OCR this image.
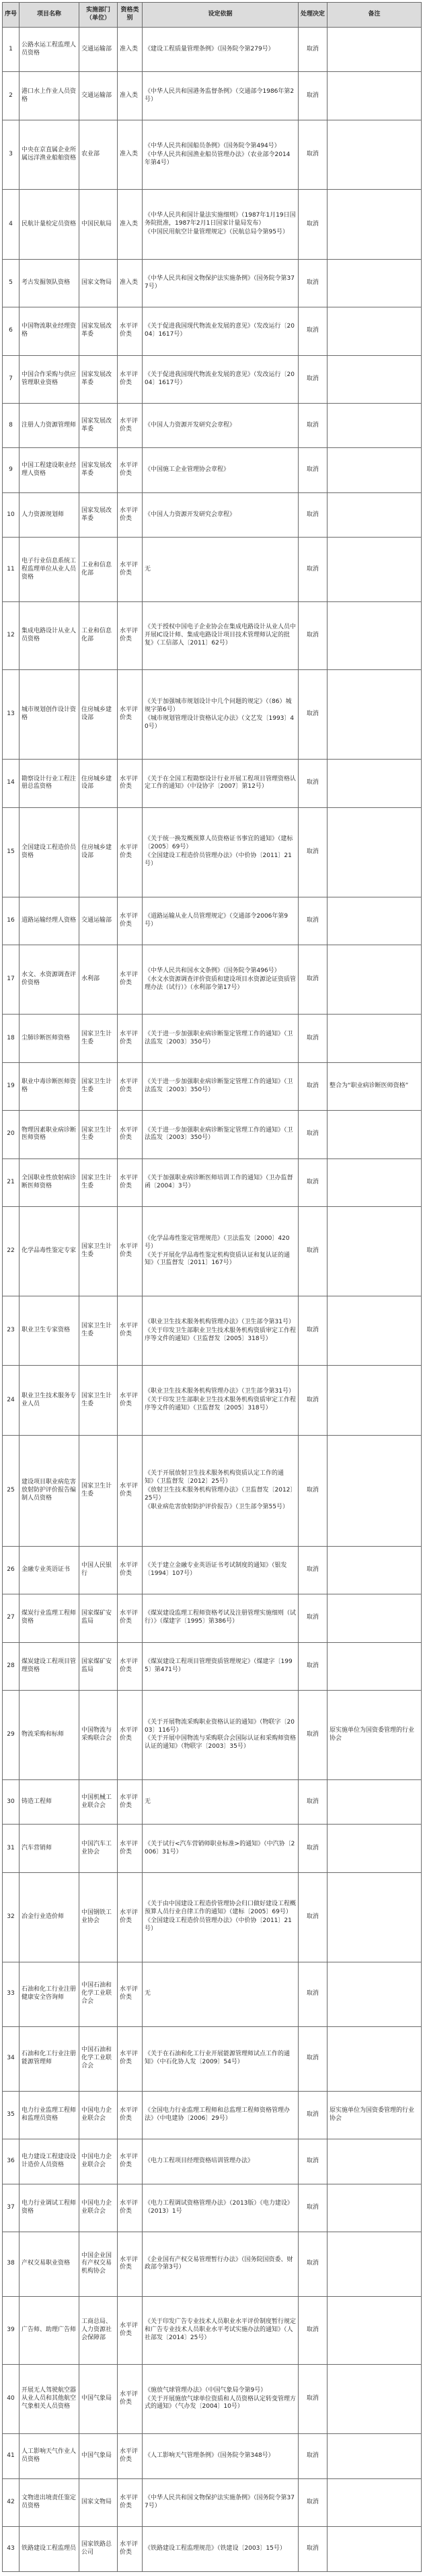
序号	项目名称	实施部门（单位）	资格类别	设定依据	处理决定	备注
1	公路水运工程监理人员资格	交通运输部	准入类	《建设工程质量管理条例》（国务院令第279号）	取消	
2	港口水上作业人员资格	交通运输部	准入类	《中华人民共和国港务监督条例》（交通部令1986年第2号）	取消	
3	中央在京直属企业所属远洋渔业船舶资格	农业部	准入类	《中华人民共和国船员条例》（国务院令第494号）
《中华人民共和国渔业船员管理办法》（农业部令2014年第4号）	取消	
4	民航计量检定员资格	中国民航局	准入类	《中华人民共和国计量法实施细则》（1987年1月19日国务院批准，1987年2月1日国家计量局发布）
《中国民用航空计量管理规定》（民航总局令第95号）	取消	
5	考古发掘领队资格	国家文物局	准入类	《中华人民共和国文物保护法实施条例》（国务院令第377号）	取消	
6	中国物流职业经理资格	国家发展改革委	水平评价类	《关于促进我国现代物流业发展的意见》（发改运行〔2004〕1617号）	取消	
7	中国合作采购与供应管理职业资格	国家发展改革委	水平评价类	《关于促进我国现代物流业发展的意见》（发改运行〔2004〕1617号）	取消	
8	注册人力资源管理师	国家发展改革委	水平评价类	《中国人力资源开发研究会章程》	取消	
9	中国工程建设职业经理人资格	国家发展改革委	水平评价类	《中国施工企业管理协会章程》	取消	
10	人力资源规划师	国家发展改革委	水平评价类	《中国人力资源开发研究会章程》	取消	
11	电子行业信息系统工程监理单位从业人员资格	工业和信息化部	水平评价类	无	取消	
12	集成电路设计从业人员资格	工业和信息化部	水平评价类	《关于授权中国电子企业协会在集成电路设计从业人员中开展IC设计师、集成电路设计项目技术管理师认定的批复》（工信部人〔2011〕62号）	取消	
13	城市规划创作设计资格	住房城乡建设部	水平评价类	《关于加强城市规划设计中几个问题的规定》（（86）城规字第6号）
《城市规划管理设计资格认定办法》（文艺发〔1993〕40号）	取消	
14	勘察设计行业工程注册总监资格	住房城乡建设部	水平评价类	《关于在全国工程勘察设计行业开展工程项目管理资格认定工作的通知》（中设协字〔2007〕第12号）	取消	
15	全国建设工程造价员资格	住房城乡建设部	水平评价类	《关于统一换发概预算人员资格证书事宜的通知》（建标〔2005〕69号）
《全国建设工程造价员管理办法》（中价协〔2011〕21号）	取消	
16	道路运输经理人资格	交通运输部	水平评价类	《道路运输从业人员管理规定》（交通部令2006年第9号）	取消	
17	水文、水资源调查评价资格	水利部	水平评价类	《中华人民共和国水文条例》（国务院令第496号）
《水文水资源调查评价资质和建设项目水资源论证资质管理办法（试行）》（水利部令第17号）	取消	
18	尘肺诊断医师资格	国家卫生计生委	水平评价类	《关于进一步加强职业病诊断鉴定管理工作的通知》（卫法监发〔2003〕350号）	取消	
19	职业中毒诊断医师资格	国家卫生计生委	水平评价类	《关于进一步加强职业病诊断鉴定管理工作的通知》（卫法监发〔2003〕350号）	取消	整合为“职业病诊断医师资格”
20	物理因素职业病诊断医师资格	国家卫生计生委	水平评价类	《关于进一步加强职业病诊断鉴定管理工作的通知》（卫法监发〔2003〕350号）	取消	
21	全国职业性放射病诊断医师资格	国家卫生计生委	水平评价类	《关于加强职业病诊断医师培训工作的通知》（卫办监督函〔2004〕3号）	取消	
22	化学品毒性鉴定专家	国家卫生计生委	水平评价类	《化学品毒性鉴定管理规范》（卫法监发〔2000〕420号）
《关于开展化学品毒性鉴定机构资质认证和复认证的通知》（卫监督发〔2011〕167号）	取消	
23	职业卫生专家资格	国家卫生计生委	水平评价类	《职业卫生技术服务机构管理办法》（卫生部令第31号）
《关于印发卫生部职业卫生技术服务机构资质审定工作程序等文件的通知》（卫监督发〔2005〕318号）	取消	
24	职业卫生技术服务专业人员	国家卫生计生委	水平评价类	《职业卫生技术服务机构管理办法》（卫生部令第31号）
《关于印发卫生部职业卫生技术服务机构资质审定工作程序等文件的通知》（卫监督发〔2005〕318号）	取消	
25	建设项目职业病危害放射防护评价报告编制人员资格	国家卫生计生委	水平评价类	《关于开展放射卫生技术服务机构资质认定工作的通知》（卫监督发〔2012〕25号）
《放射卫生技术服务机构管理办法》（卫监督发〔2012〕25号）
《职业病危害放射防护评价报告》（卫生部令第55号）	取消	
26	金融专业英语证书	中国人民银行	水平评价类	《关于建立金融专业英语证书考试制度的通知》（银发〔1994〕107号）	取消	
27	煤炭行业监理工程师资格	国家煤矿安监局	水平评价类	《煤炭建设监理工程师资格考试及注册管理实施细则（试行）》（煤建字〔1995〕第386号）	取消	
28	煤炭建设工程项目管理资格	国家煤矿安监局	水平评价类	《煤炭建设工程项目管理资质管理规定》（煤建字〔1995〕第471号）	取消	
29	物流采购和标师	中国物流与采购联合会	水平评价类	《关于开展物流采购职业资格认证的通知》（物联字〔2003〕116号）
《关于开展中国物流与采购联合会国际认证和采购师资格认证的通知》（物联字〔2003〕35号）	取消	原实施单位为国资委管理的行业协会
30	铸造工程师	中国机械工业联合会	水平评价类	无	取消	
31	汽车营销师	中国汽车工业协会	水平评价类	《关于试行<汽车营销师职业标准>的通知》（中汽协〔2006〕31号）	取消	
32	冶金行业造价师	中国钢铁工业协会	水平评价类	《关于由中国建设工程造价管理协会归口做好建设工程概预算人员行业自律工作的通知》（建标〔2005〕69号）
《全国建设工程造价员管理办法》（中价协〔2011〕21号）	取消	
33	石油和化工行业注册健康安全咨询师	中国石油和化学工业联合会	水平评价类	无	取消	
34	石油和化工行业注册能源管理师	中国石油和化学工业联合会	水平评价类	《关于在石油和化工行业开展能源管理师试点工作的通知》（中石化协人发〔2009〕54号）	取消	
35	电力行业监理工程师和监理员资格	中国电力企业联合会	水平评价类	《全国电力行业监理工程师和总监理工程师资格管理办法》（中电建协〔2006〕29号）	取消	原实施单位为国资委管理的行业协会
36	电力建设工程建设设计造价人员资格	中国电力企业联合会	水平评价类	《电力工程项目经理资格培训管理办法》	取消	
37	电力行业调试工程师资格	中国电力企业联合会	水平评价类	《电力工程调试资格管理办法》（2013版）《电力建设》（2013）1号	取消	
38	产权交易职业资格	中国企业国有产权交易机构协会	水平评价类	《企业国有产权交易管理暂行办法》（国务院国资委、财政部令第3号）	取消	
39	广告师、助理广告师	工商总局、人力资源社会保障部	水平评价类	《关于印发广告专业技术人员职业水平评价制度暂行规定和广告专业技术人员职业水平考试实施办法的通知》（人社部发〔2014〕25号）	取消	
40	开展无人驾驶航空器从业人员和其他航空气象相关人员资格	中国气象局	水平评价类	《施放气球管理办法》（中国气象局令第9号）
《关于开展施放气球单位资质和人员资格认定转变管理方式的通知》（气办发〔2004〕10号）	取消	
41	人工影响天气作业人员资格	中国气象局	水平评价类	《人工影响天气管理条例》（国务院令第348号）	取消	
42	文物进出境责任鉴定员资格	国家文物局	水平评价类	《中华人民共和国文物保护法实施条例》（国务院令第377号）	取消	
43	铁路建设工程监理员	国家铁路总公司	水平评价类	《铁路建设工程监理规范》（铁建设〔2003〕15号）	取消	
